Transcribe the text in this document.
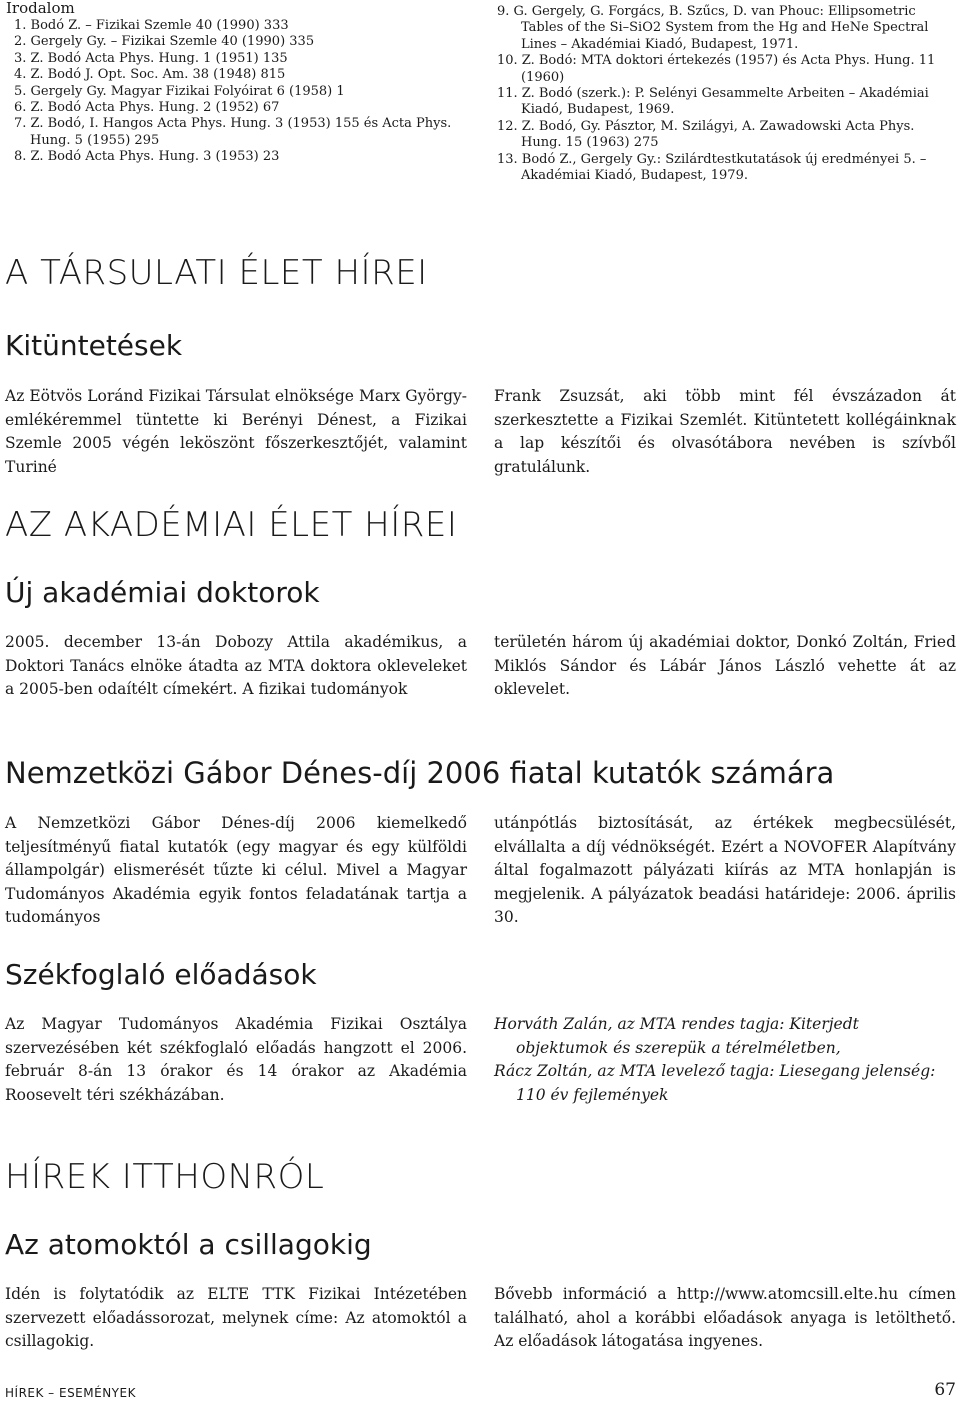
Irodalom

1. Bodó Z. – Fizikai Szemle 40 (1990) 333

2. Gergely Gy. – Fizikai Szemle 40 (1990) 335

3. Z. Bodó Acta Phys. Hung. 1 (1951) 135

4. Z. Bodó J. Opt. Soc. Am. 38 (1948) 815

5. Gergely Gy. Magyar Fizikai Folyóirat 6 (1958) 1

6. Z. Bodó Acta Phys. Hung. 2 (1952) 67

7. Z. Bodó, I. Hangos Acta Phys. Hung. 3 (1953) 155 és Acta Phys. Hung. 5 (1955) 295

8. Z. Bodó Acta Phys. Hung. 3 (1953) 23

9. G. Gergely, G. Forgács, B. Szűcs, D. van Phouc: Ellipsometric Tables of the Si–SiO2 System from the Hg and HeNe Spectral Lines – Akadémiai Kiadó, Budapest, 1971.

10. Z. Bodó: MTA doktori értekezés (1957) és Acta Phys. Hung. 11 (1960)

11. Z. Bodó (szerk.): P. Selényi Gesammelte Arbeiten – Akadémiai Kiadó, Budapest, 1969.

12. Z. Bodó, Gy. Pásztor, M. Szilágyi, A. Zawadowski Acta Phys. Hung. 15 (1963) 275

13. Bodó Z., Gergely Gy.: Szilárdtestkutatások új eredményei 5. – Akadémiai Kiadó, Budapest, 1979.

A TÁRSULATI ÉLET HÍREI
Kitüntetések

Az Eötvös Loránd Fizikai Társulat elnöksége Marx György-emlékéremmel tüntette ki Berényi Dénest, a Fizikai Szemle 2005 végén leköszönt főszerkesztőjét, valamint Turiné

Frank Zsuzsát, aki több mint fél évszázadon át szerkesztette a Fizikai Szemlét. Kitüntetett kollégáinknak a lap készítői és olvasótábora nevében is szívből gratulálunk.

AZ AKADÉMIAI ÉLET HÍREI
Új akadémiai doktorok

2005. december 13-án Dobozy Attila akadémikus, a Doktori Tanács elnöke átadta az MTA doktora okleveleket a 2005-ben odaítélt címekért. A fizikai tudományok

területén három új akadémiai doktor, Donkó Zoltán, Fried Miklós Sándor és Lábár János László vehette át az oklevelet.

Nemzetközi Gábor Dénes-díj 2006 fiatal kutatók számára

A Nemzetközi Gábor Dénes-díj 2006 kiemelkedő teljesítményű fiatal kutatók (egy magyar és egy külföldi állampolgár) elismerését tűzte ki célul. Mivel a Magyar Tudományos Akadémia egyik fontos feladatának tartja a tudományos

utánpótlás biztosítását, az értékek megbecsülését, elvállalta a díj védnökségét. Ezért a NOVOFER Alapítvány által fogalmazott pályázati kiírás az MTA honlapján is megjelenik. A pályázatok beadási határideje: 2006. április 30.

Székfoglaló előadások

Az Magyar Tudományos Akadémia Fizikai Osztálya szervezésében két székfoglaló előadás hangzott el 2006. február 8-án 13 órakor és 14 órakor az Akadémia Roosevelt téri székházában.

Horváth Zalán, az MTA rendes tagja: Kiterjedt objektumok és szerepük a térelméletben,

Rácz Zoltán, az MTA levelező tagja: Liesegang jelenség: 110 év fejlemények

HÍREK ITTHONRÓL
Az atomoktól a csillagokig

Idén is folytatódik az ELTE TTK Fizikai Intézetében szervezett előadássorozat, melynek címe: Az atomoktól a csillagokig.

Bővebb információ a http://www.atomcsill.elte.hu címen található, ahol a korábbi előadások anyaga is letölthető. Az előadások látogatása ingyenes.

HÍREK – ESEMÉNYEK	67
